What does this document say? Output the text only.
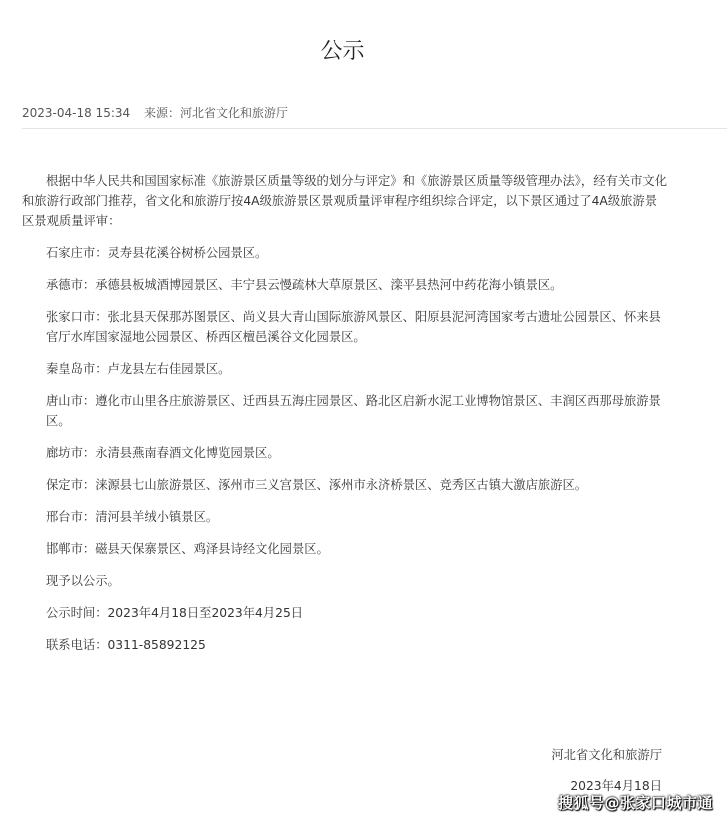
公示
2023-04-18 15:34 来源：河北省文化和旅游厅

根据中华人民共和国国家标准《旅游景区质量等级的划分与评定》和《旅游景区质量等级管理办法》，经有关市文化和旅游行政部门推荐，省文化和旅游厅按4A级旅游景区景观质量评审程序组织综合评定，以下景区通过了4A级旅游景区景观质量评审：

石家庄市：灵寿县花溪谷树桥公园景区。

承德市：承德县板城酒博园景区、丰宁县云慢疏林大草原景区、滦平县热河中药花海小镇景区。

张家口市：张北县天保那苏图景区、尚义县大青山国际旅游风景区、阳原县泥河湾国家考古遗址公园景区、怀来县官厅水库国家湿地公园景区、桥西区檀邑溪谷文化园景区。

秦皇岛市：卢龙县左右佳园景区。

唐山市：遵化市山里各庄旅游景区、迁西县五海庄园景区、路北区启新水泥工业博物馆景区、丰润区西那母旅游景区。

廊坊市：永清县燕南春酒文化博览园景区。

保定市：涞源县七山旅游景区、涿州市三义宫景区、涿州市永济桥景区、竞秀区古镇大激店旅游区。

邢台市：清河县羊绒小镇景区。

邯郸市：磁县天保寨景区、鸡泽县诗经文化园景区。

现予以公示。

公示时间：2023年4月18日至2023年4月25日

联系电话：0311-85892125

河北省文化和旅游厅
2023年4月18日
搜狐号@张家口城市通
